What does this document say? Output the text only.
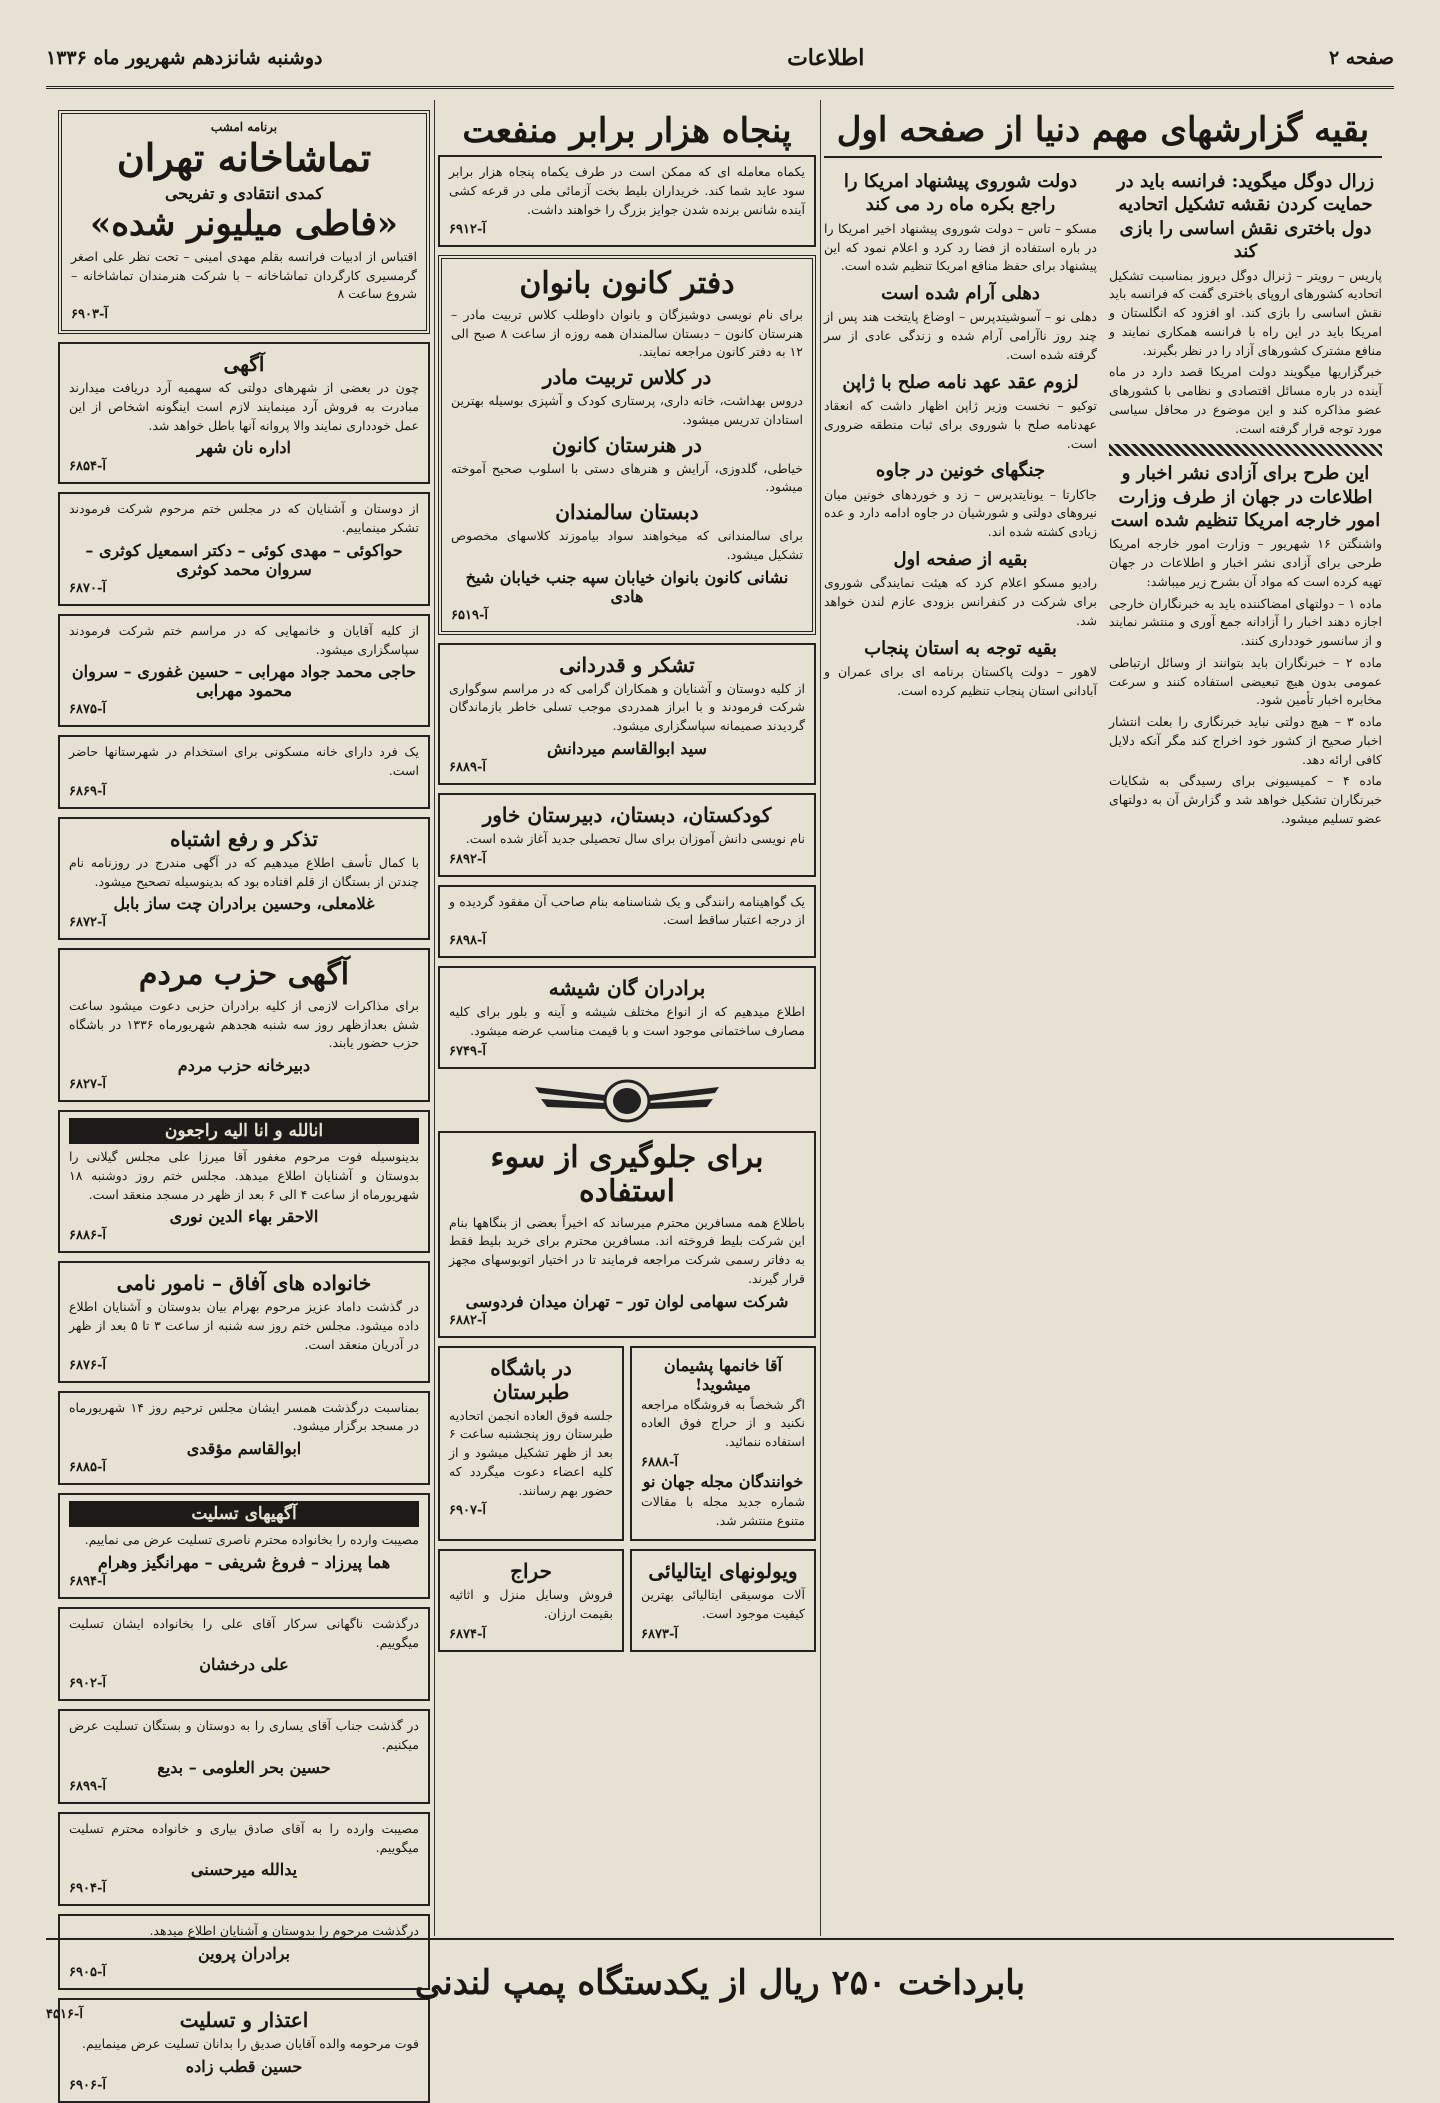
صفحه ۲
اطلاعات
دوشنبه شانزدهم شهریور ماه ۱۳۳۶
بقیه گزارشهای مهم دنیا از صفحه اول
زرال دوگل میگوید: فرانسه باید در حمایت کردن نقشه تشکیل اتحادیه دول باختری نقش اساسی را بازی کند

پاریس – رویتر – ژنرال دوگل دیروز بمناسبت تشکیل اتحادیه کشورهای اروپای باختری گفت که فرانسه باید نقش اساسی را بازی کند. او افزود که انگلستان و امریکا باید در این راه با فرانسه همکاری نمایند و منافع مشترک کشورهای آزاد را در نظر بگیرند.

خبرگزاریها میگویند دولت امریکا قصد دارد در ماه آینده در باره مسائل اقتصادی و نظامی با کشورهای عضو مذاکره کند و این موضوع در محافل سیاسی مورد توجه قرار گرفته است.

این طرح برای آزادی نشر اخبار و اطلاعات در جهان از طرف وزارت امور خارجه امریکا تنظیم شده است

واشنگتن ۱۶ شهریور – وزارت امور خارجه امریکا طرحی برای آزادی نشر اخبار و اطلاعات در جهان تهیه کرده است که مواد آن بشرح زیر میباشد:

ماده ۱ – دولتهای امضاکننده باید به خبرنگاران خارجی اجازه دهند اخبار را آزادانه جمع آوری و منتشر نمایند و از سانسور خودداری کنند.

ماده ۲ – خبرنگاران باید بتوانند از وسائل ارتباطی عمومی بدون هیچ تبعیضی استفاده کنند و سرعت مخابره اخبار تأمین شود.

ماده ۳ – هیچ دولتی نباید خبرنگاری را بعلت انتشار اخبار صحیح از کشور خود اخراج کند مگر آنکه دلایل کافی ارائه دهد.

ماده ۴ – کمیسیونی برای رسیدگی به شکایات خبرنگاران تشکیل خواهد شد و گزارش آن به دولتهای عضو تسلیم میشود.

دولت شوروی پیشنهاد امریکا را راجع بکره ماه رد می کند

مسکو – تاس – دولت شوروی پیشنهاد اخیر امریکا را در باره استفاده از فضا رد کرد و اعلام نمود که این پیشنهاد برای حفظ منافع امریکا تنظیم شده است.

دهلی آرام شده است

دهلی نو – آسوشیتدپرس – اوضاع پایتخت هند پس از چند روز ناآرامی آرام شده و زندگی عادی از سر گرفته شده است.

لزوم عقد عهد نامه صلح با ژاپن

توکیو – نخست وزیر ژاپن اظهار داشت که انعقاد عهدنامه صلح با شوروی برای ثبات منطقه ضروری است.

جنگهای خونین در جاوه

جاکارتا – یونایتدپرس – زد و خوردهای خونین میان نیروهای دولتی و شورشیان در جاوه ادامه دارد و عده زیادی کشته شده اند.

بقیه از صفحه اول

رادیو مسکو اعلام کرد که هیئت نمایندگی شوروی برای شرکت در کنفرانس بزودی عازم لندن خواهد شد.

بقیه توجه به استان پنجاب

لاهور – دولت پاکستان برنامه ای برای عمران و آبادانی استان پنجاب تنظیم کرده است.

پنجاه هزار برابر منفعت

یکماه معامله ای که ممکن است در طرف یکماه پنجاه هزار برابر سود عاید شما کند. خریداران بلیط بخت آزمائی ملی در قرعه کشی آینده شانس برنده شدن جوایز بزرگ را خواهند داشت.

آ-۶۹۱۲
دفتر کانون بانوان

برای نام نویسی دوشیزگان و بانوان داوطلب کلاس تربیت مادر – هنرستان کانون – دبستان سالمندان همه روزه از ساعت ۸ صبح الی ۱۲ به دفتر کانون مراجعه نمایند.

در کلاس تربیت مادر

دروس بهداشت، خانه داری، پرستاری کودک و آشپزی بوسیله بهترین استادان تدریس میشود.

در هنرستان کانون

خیاطی، گلدوزی، آرایش و هنرهای دستی با اسلوب صحیح آموخته میشود.

دبستان سالمندان

برای سالمندانی که میخواهند سواد بیاموزند کلاسهای مخصوص تشکیل میشود.

نشانی کانون بانوان خیابان سپه جنب خیابان شیخ هادی
آ-۶۵۱۹
تشکر و قدردانی

از کلیه دوستان و آشنایان و همکاران گرامی که در مراسم سوگواری شرکت فرمودند و با ابراز همدردی موجب تسلی خاطر بازماندگان گردیدند صمیمانه سپاسگزاری میشود.

سید ابوالقاسم میردانش
آ-۶۸۸۹
کودکستان، دبستان، دبیرستان خاور

نام نویسی دانش آموزان برای سال تحصیلی جدید آغاز شده است.

آ-۶۸۹۲

یک گواهینامه رانندگی و یک شناسنامه بنام صاحب آن مفقود گردیده و از درجه اعتبار ساقط است.

آ-۶۸۹۸
برادران گان شیشه

اطلاع میدهیم که از انواع مختلف شیشه و آینه و بلور برای کلیه مصارف ساختمانی موجود است و با قیمت مناسب عرضه میشود.

آ-۶۷۴۹
برای جلوگیری از سوء استفاده

باطلاع همه مسافرین محترم میرساند که اخیراً بعضی از بنگاهها بنام این شرکت بلیط فروخته اند. مسافرین محترم برای خرید بلیط فقط به دفاتر رسمی شرکت مراجعه فرمایند تا در اختیار اتوبوسهای مجهز قرار گیرند.

شرکت سهامی لوان تور – تهران میدان فردوسی
آ-۶۸۸۲
آقا خانمها پشیمان میشوید!

اگر شخصاً به فروشگاه مراجعه نکنید و از حراج فوق العاده استفاده ننمائید.

آ-۶۸۸۸
خوانندگان مجله جهان نو

شماره جدید مجله با مقالات متنوع منتشر شد.

در باشگاه طبرستان

جلسه فوق العاده انجمن اتحادیه طبرستان روز پنجشنبه ساعت ۶ بعد از ظهر تشکیل میشود و از کلیه اعضاء دعوت میگردد که حضور بهم رسانند.

آ-۶۹۰۷
ویولونهای ایتالیائی

آلات موسیقی ایتالیائی بهترین کیفیت موجود است.

آ-۶۸۷۳
حراج

فروش وسایل منزل و اثاثیه بقیمت ارزان.

آ-۶۸۷۴
برنامه امشب
تماشاخانه تهران
کمدی انتقادی و تفریحی
«فاطی میلیونر شده»

اقتباس از ادبیات فرانسه بقلم مهدی امینی – تحت نظر علی اصغر گرمسیری کارگردان تماشاخانه – با شرکت هنرمندان تماشاخانه – شروع ساعت ۸

آ-۶۹۰۳
آگهی

چون در بعضی از شهرهای دولتی که سهمیه آرد دریافت میدارند مبادرت به فروش آرد مینمایند لازم است اینگونه اشخاص از این عمل خودداری نمایند والا پروانه آنها باطل خواهد شد.

اداره نان شهر
آ-۶۸۵۴

از دوستان و آشنایان که در مجلس ختم مرحوم شرکت فرمودند تشکر مینماییم.

حواکوئی – مهدی کوئی – دکتر اسمعیل کوثری – سروان محمد کوثری
آ-۶۸۷۰

از کلیه آقایان و خانمهایی که در مراسم ختم شرکت فرمودند سپاسگزاری میشود.

حاجی محمد جواد مهرابی – حسین غفوری – سروان محمود مهرابی
آ-۶۸۷۵

یک فرد دارای خانه مسکونی برای استخدام در شهرستانها حاضر است.

آ-۶۸۶۹
تذکر و رفع اشتباه

با کمال تأسف اطلاع میدهیم که در آگهی مندرج در روزنامه نام چندتن از بستگان از قلم افتاده بود که بدینوسیله تصحیح میشود.

غلامعلی، وحسین برادران چت ساز بابل
آ-۶۸۷۲
آگهی حزب مردم

برای مذاکرات لازمی از کلیه برادران حزبی دعوت میشود ساعت شش بعدازظهر روز سه شنبه هجدهم شهریورماه ۱۳۳۶ در باشگاه حزب حضور یابند.

دبیرخانه حزب مردم
آ-۶۸۲۷
انالله و انا الیه راجعون

بدینوسیله فوت مرحوم مغفور آقا میرزا علی مجلس گیلانی را بدوستان و آشنایان اطلاع میدهد. مجلس ختم روز دوشنبه ۱۸ شهریورماه از ساعت ۴ الی ۶ بعد از ظهر در مسجد منعقد است.

الاحقر بهاء الدین نوری
آ-۶۸۸۶
خانواده های آفاق – نامور نامی

در گذشت داماد عزیز مرحوم بهرام بیان بدوستان و آشنایان اطلاع داده میشود. مجلس ختم روز سه شنبه از ساعت ۳ تا ۵ بعد از ظهر در آدریان منعقد است.

آ-۶۸۷۶

بمناسبت درگذشت همسر ایشان مجلس ترحیم روز ۱۴ شهریورماه در مسجد برگزار میشود.

ابوالقاسم مؤقدی
آ-۶۸۸۵
آگهیهای تسلیت

مصیبت وارده را بخانواده محترم ناصری تسلیت عرض می نماییم.

هما پیرزاد – فروغ شریفی – مهرانگیز وهرام
آ-۶۸۹۴

درگذشت ناگهانی سرکار آقای علی را بخانواده ایشان تسلیت میگوییم.

علی درخشان
آ-۶۹۰۲

در گذشت جناب آقای یساری را به دوستان و بستگان تسلیت عرض میکنیم.

حسین بحر العلومی – بدیع
آ-۶۸۹۹

مصیبت وارده را به آقای صادق بیاری و خانواده محترم تسلیت میگوییم.

یدالله میرحسنی
آ-۶۹۰۴

درگذشت مرحوم را بدوستان و آشنایان اطلاع میدهد.

برادران پروین
آ-۶۹۰۵
اعتذار و تسلیت

فوت مرحومه والده آقایان صدیق را بدانان تسلیت عرض مینماییم.

حسین قطب زاده
آ-۶۹۰۶
بابرداخت ۲۵۰ ریال از یکدستگاه پمپ لندنی
آ-۴۵۱۶
